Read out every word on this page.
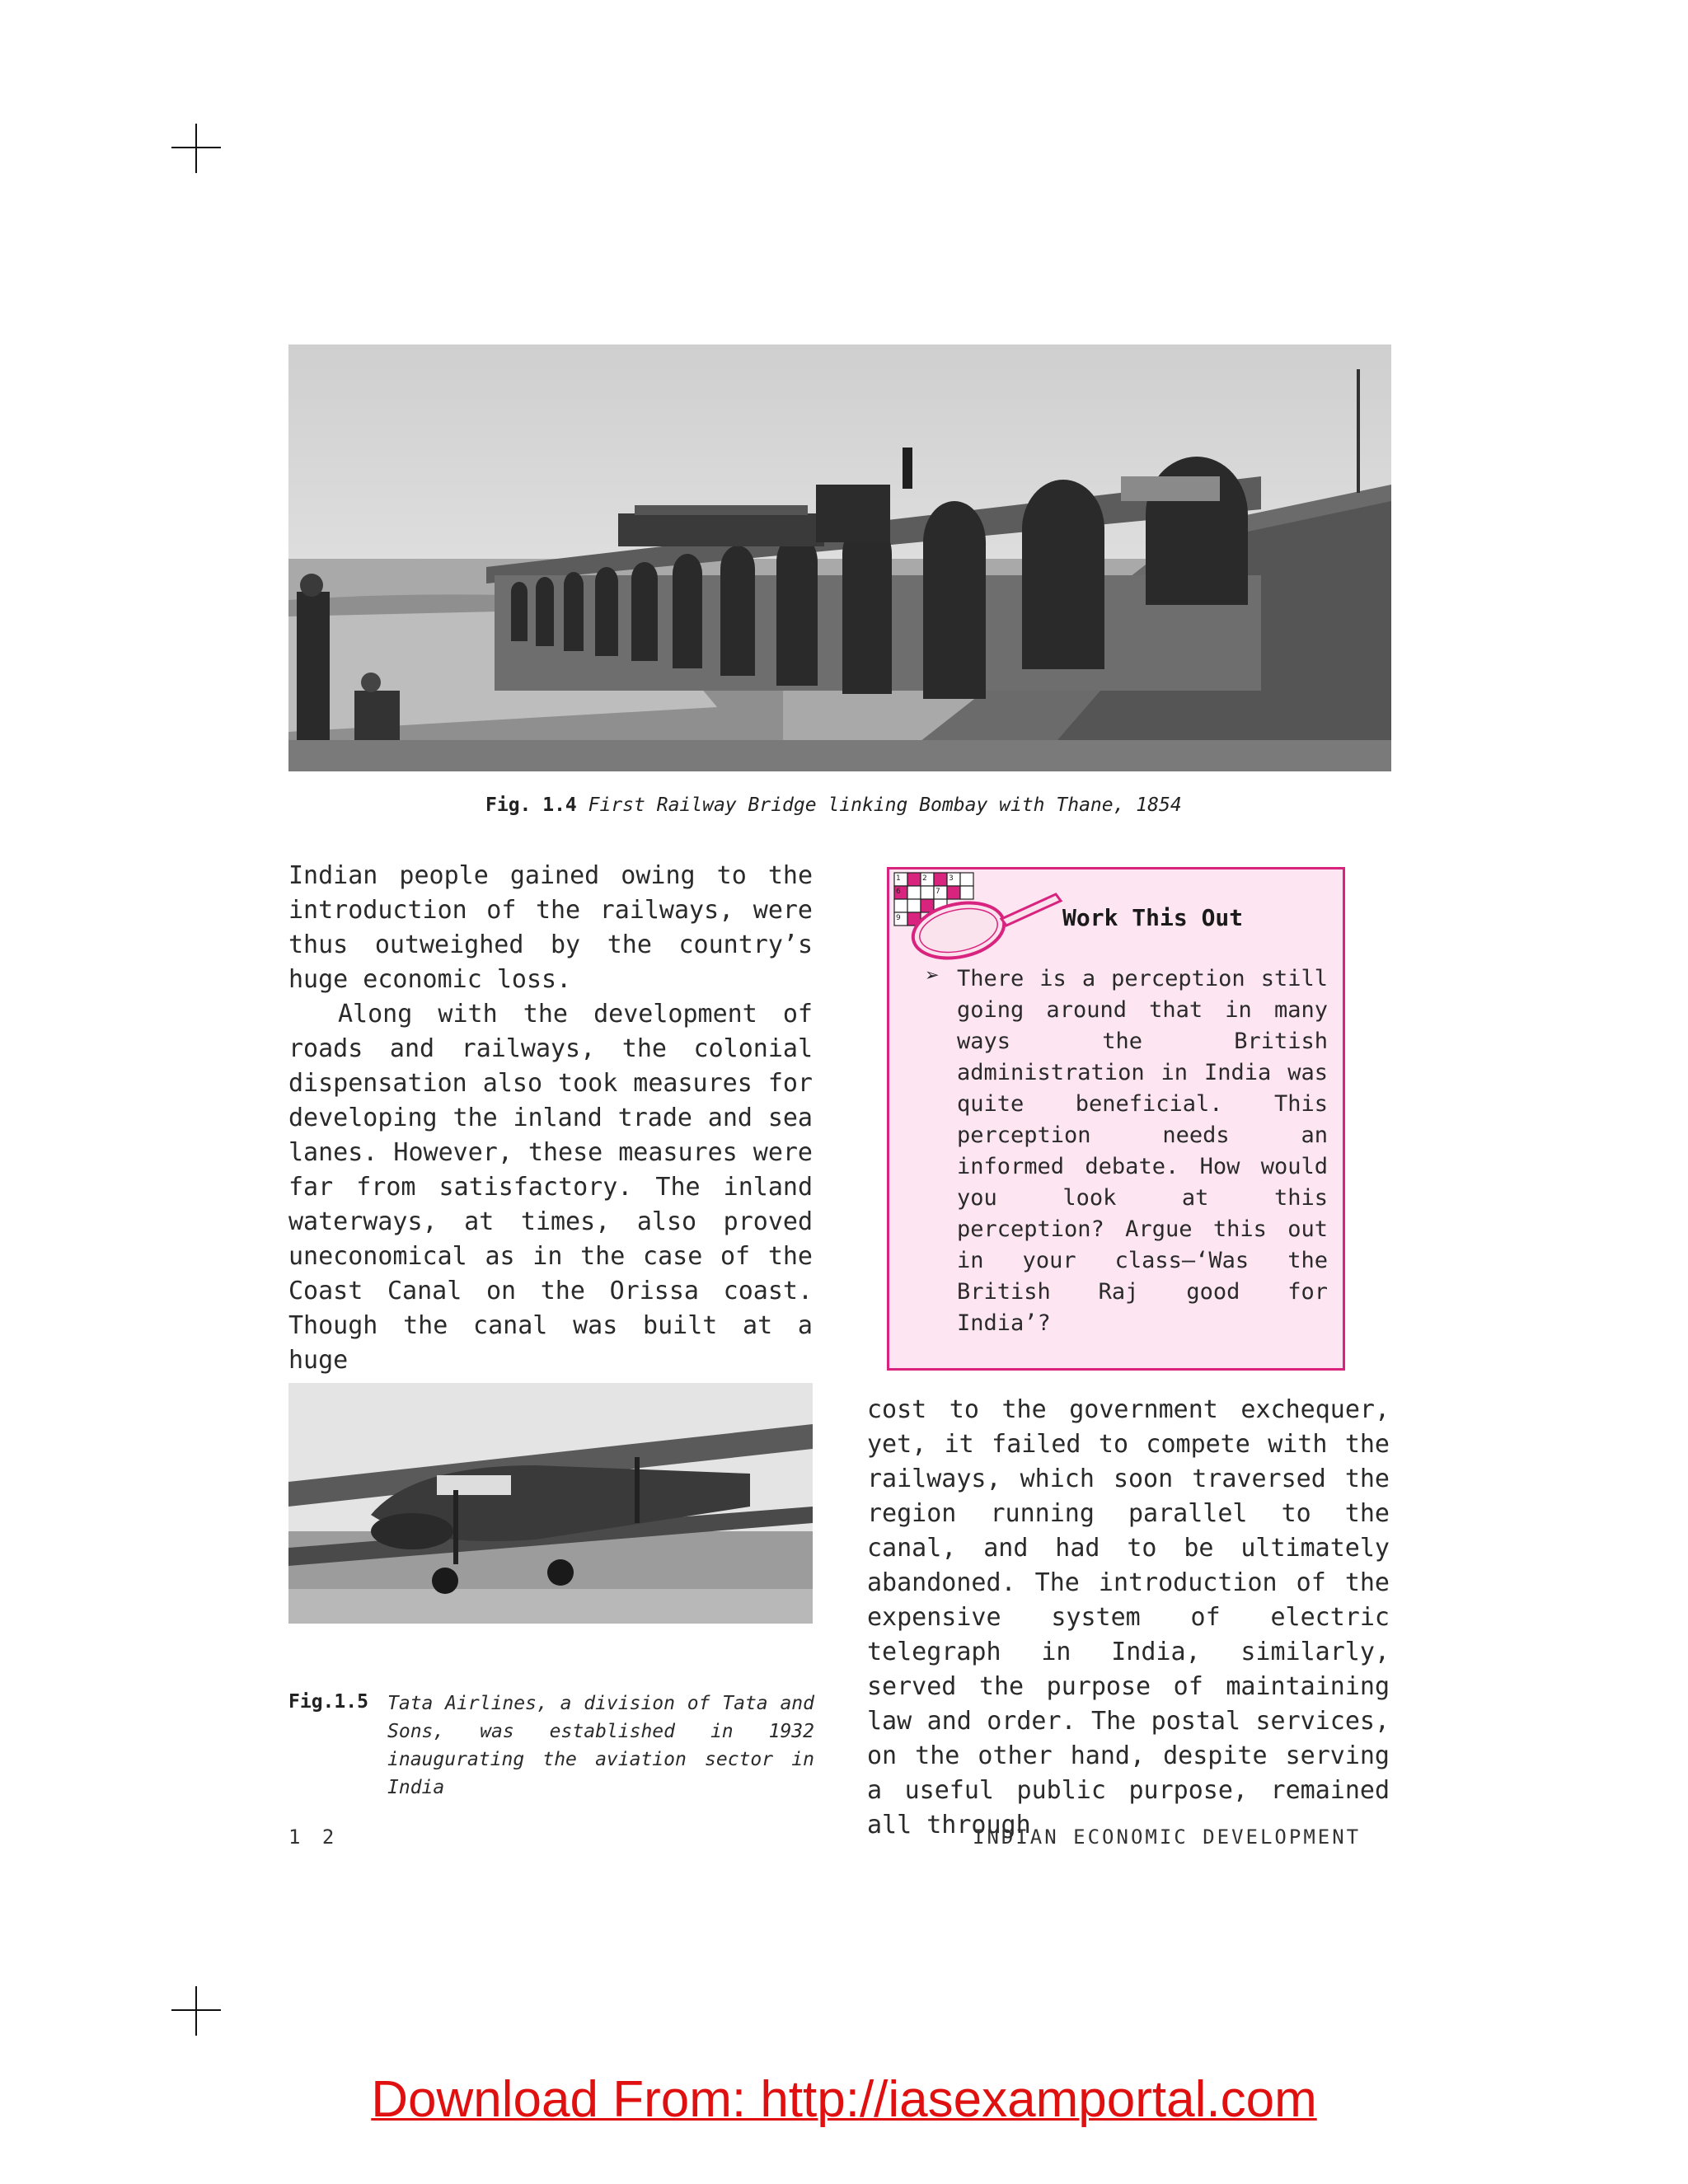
Fig. 1.4 First Railway Bridge linking Bombay with Thane, 1854

Indian people gained owing to the introduction of the railways, were thus outweighed by the country’s huge economic loss.

Along with the development of roads and railways, the colonial dispensation also took measures for developing the inland trade and sea lanes. However, these measures were far from satisfactory. The inland waterways, at times, also proved uneconomical as in the case of the Coast Canal on the Orissa coast. Though the canal was built at a huge

1	2	3
6	7
9	Work This Out
➢ There is a perception still going around that in many ways the British administration in India was quite beneficial. This perception needs an informed debate. How would you look at this perception? Argue this out in your class—‘Was the British Raj good for India’?
Fig.1.5 Tata Airlines, a division of Tata and Sons, was established in 1932 inaugurating the aviation sector in India

cost to the government exchequer, yet, it failed to compete with the railways, which soon traversed the region running parallel to the canal, and had to be ultimately abandoned. The introduction of the expensive system of electric telegraph in India, similarly, served the purpose of maintaining law and order. The postal services, on the other hand, despite serving a useful public purpose, remained all through

1 2	INDIAN ECONOMIC DEVELOPMENT
Download From: http://iasexamportal.com
